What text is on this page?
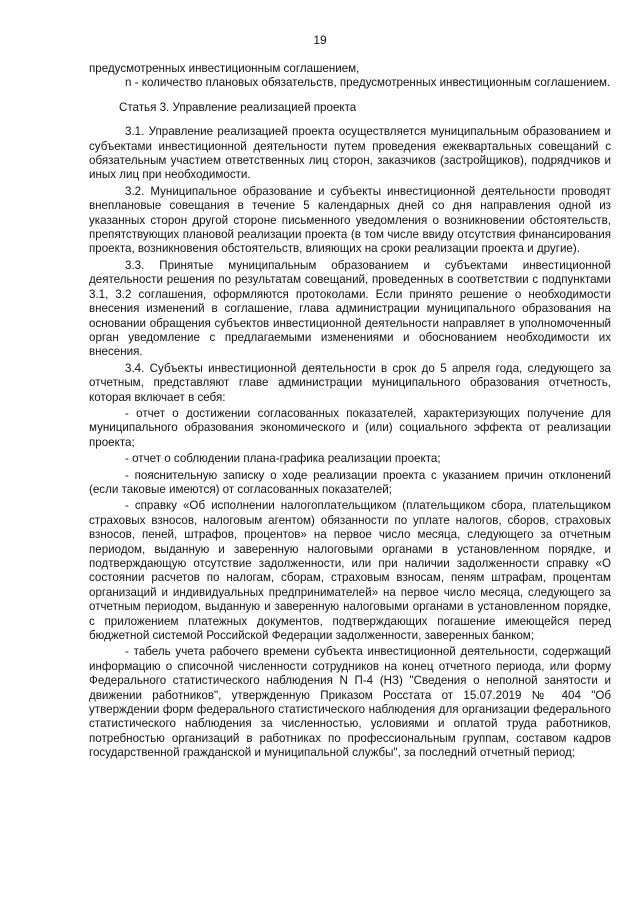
19

предусмотренных инвестиционным соглашением,

n - количество плановых обязательств, предусмотренных инвестиционным соглашением.

Статья 3. Управление реализацией проекта

3.1. Управление реализацией проекта осуществляется муниципальным образованием и субъектами инвестиционной деятельности путем проведения ежеквартальных совещаний с обязательным участием ответственных лиц сторон, заказчиков (застройщиков), подрядчиков и иных лиц при необходимости.

3.2. Муниципальное образование и субъекты инвестиционной деятельности проводят внеплановые совещания в течение 5 календарных дней со дня направления одной из указанных сторон другой стороне письменного уведомления о возникновении обстоятельств, препятствующих плановой реализации проекта (в том числе ввиду отсутствия финансирования проекта, возникновения обстоятельств, влияющих на сроки реализации проекта и другие).

3.3. Принятые муниципальным образованием и субъектами инвестиционной деятельности решения по результатам совещаний, проведенных в соответствии с подпунктами 3.1, 3.2 соглашения, оформляются протоколами. Если принято решение о необходимости внесения изменений в соглашение, глава администрации муниципального образования на основании обращения субъектов инвестиционной деятельности направляет в уполномоченный орган уведомление с предлагаемыми изменениями и обоснованием необходимости их внесения.

3.4. Субъекты инвестиционной деятельности в срок до 5 апреля года, следующего за отчетным, представляют главе администрации муниципального образования отчетность, которая включает в себя:

- отчет о достижении согласованных показателей, характеризующих получение для муниципального образования экономического и (или) социального эффекта от реализации проекта;

- отчет о соблюдении плана-графика реализации проекта;

- пояснительную записку о ходе реализации проекта с указанием причин отклонений (если таковые имеются) от согласованных показателей;

- справку «Об исполнении налогоплательщиком (плательщиком сбора, плательщиком страховых взносов, налоговым агентом) обязанности по уплате налогов, сборов, страховых взносов, пеней, штрафов, процентов» на первое число месяца, следующего за отчетным периодом, выданную и заверенную налоговыми органами в установленном порядке, и подтверждающую отсутствие задолженности, или при наличии задолженности справку «О состоянии расчетов по налогам, сборам, страховым взносам, пеням штрафам, процентам организаций и индивидуальных предпринимателей» на первое число месяца, следующего за отчетным периодом, выданную и заверенную налоговыми органами в установленном порядке, с приложением платежных документов, подтверждающих погашение имеющейся перед бюджетной системой Российской Федерации задолженности, заверенных банком;

- табель учета рабочего времени субъекта инвестиционной деятельности, содержащий информацию о списочной численности сотрудников на конец отчетного периода, или форму Федерального статистического наблюдения N П-4 (НЗ) "Сведения о неполной занятости и движении работников", утвержденную Приказом Росстата от 15.07.2019 № 404 "Об утверждении форм федерального статистического наблюдения для организации федерального статистического наблюдения за численностью, условиями и оплатой труда работников, потребностью организаций в работниках по профессиональным группам, составом кадров государственной гражданской и муниципальной службы", за последний отчетный период;
